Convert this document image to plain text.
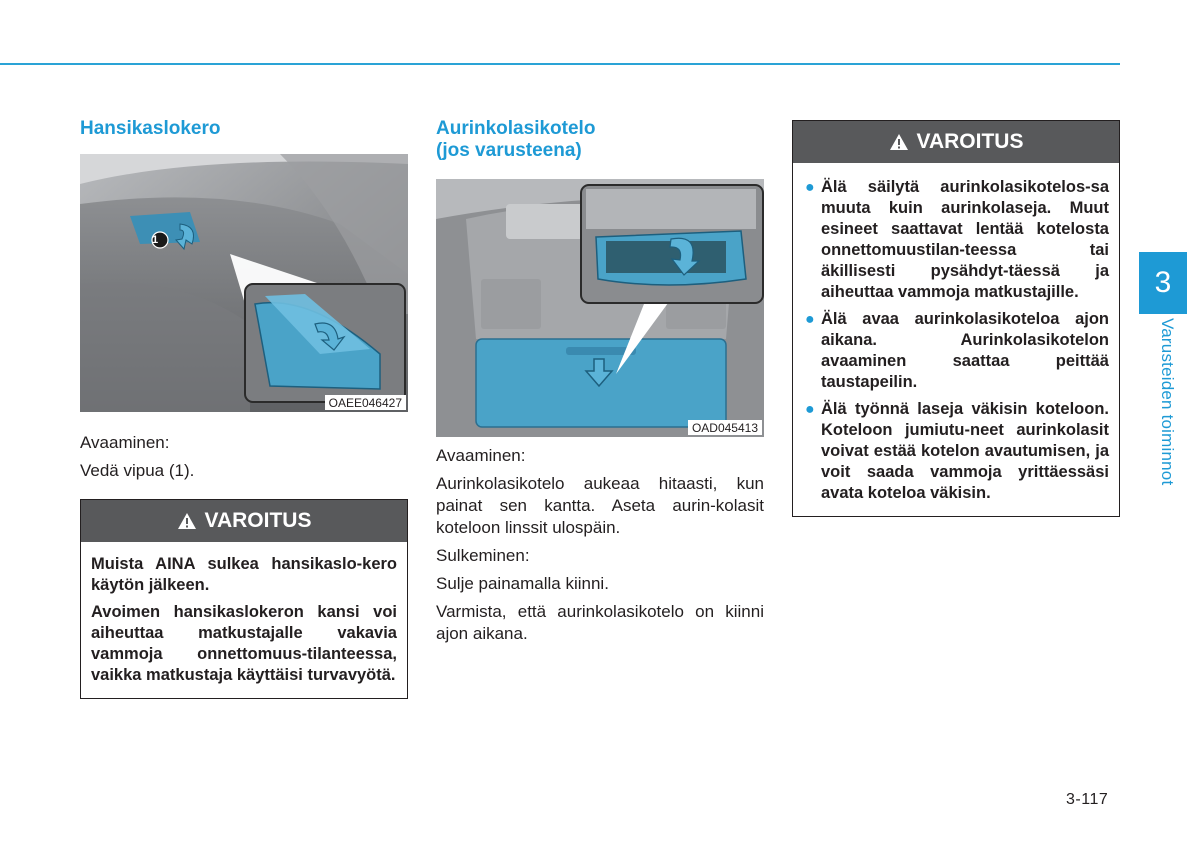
Hansikaslokero
1
OAEE046427

Avaaminen:

Vedä vipua (1).

VAROITUS

Muista AINA sulkea hansikaslo-kero käytön jälkeen.

Avoimen hansikaslokeron kansi voi aiheuttaa matkustajalle vakavia vammoja onnettomuus-tilanteessa, vaikka matkustaja käyttäisi turvavyötä.

Aurinkolasikotelo
(jos varusteena)
OAD045413

Avaaminen:

Aurinkolasikotelo aukeaa hitaasti, kun painat sen kantta. Aseta aurin-kolasit koteloon linssit ulospäin.

Sulkeminen:

Sulje painamalla kiinni.

Varmista, että aurinkolasikotelo on kiinni ajon aikana.

VAROITUS
● Älä säilytä aurinkolasikotelos-sa muuta kuin aurinkolaseja. Muut esineet saattavat lentää kotelosta onnettomuustilan-teessa tai äkillisesti pysähdyt-täessä ja aiheuttaa vammoja matkustajille.
● Älä avaa aurinkolasikoteloa ajon aikana. Aurinkolasikotelon avaaminen saattaa peittää taustapeilin.
● Älä työnnä laseja väkisin koteloon. Koteloon jumiutu-neet aurinkolasit voivat estää kotelon avautumisen, ja voit saada vammoja yrittäessäsi avata koteloa väkisin.
3
Varusteiden toiminnot
3-117
